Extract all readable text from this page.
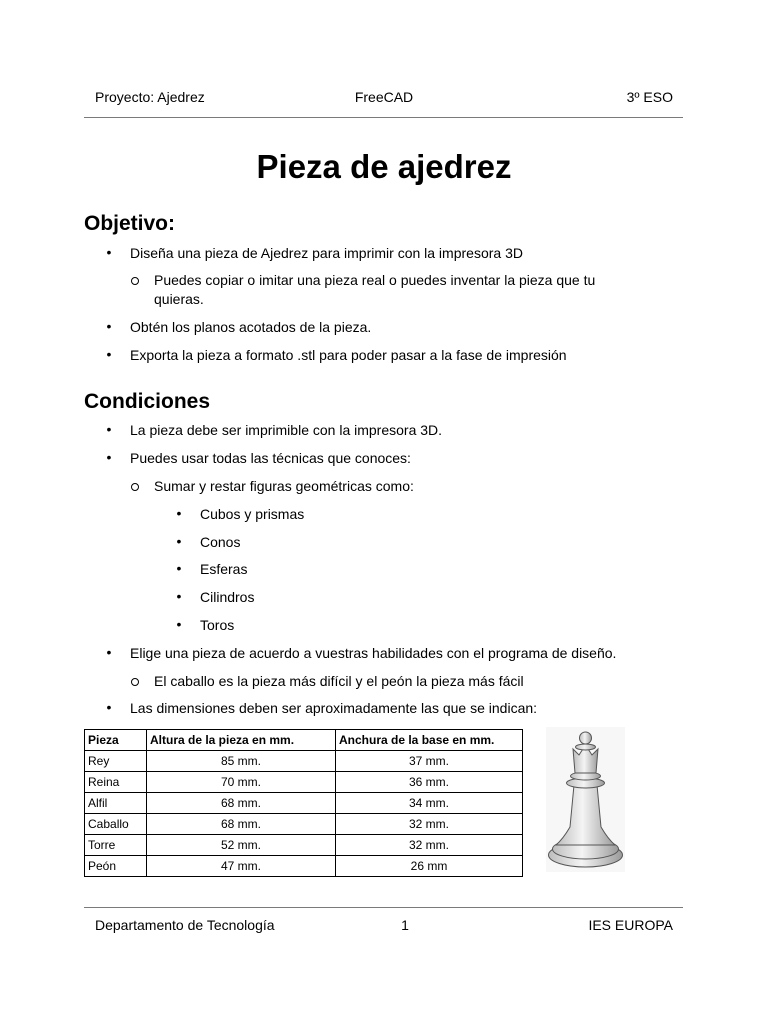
FreeCAD
Proyecto: Ajedrez	3º ESO
Pieza de ajedrez
Objetivo:
• Diseña una pieza de Ajedrez para imprimir con la impresora 3D
Puedes copiar o imitar una pieza real o puedes inventar la pieza que tu
quieras.
• Obtén los planos acotados de la pieza.
• Exporta la pieza a formato .stl para poder pasar a la fase de impresión
Condiciones
• La pieza debe ser imprimible con la impresora 3D.
• Puedes usar todas las técnicas que conoces:
Sumar y restar figuras geométricas como:
• Cubos y prismas
• Conos
• Esferas
• Cilindros
• Toros
• Elige una pieza de acuerdo a vuestras habilidades con el programa de diseño.
El caballo es la pieza más difícil y el peón la pieza más fácil
• Las dimensiones deben ser aproximadamente las que se indican:
Pieza	Altura de la pieza en mm.	Anchura de la base en mm.
Rey	85 mm.	37 mm.
Reina	70 mm.	36 mm.
Alfil	68 mm.	34 mm.
Caballo	68 mm.	32 mm.
Torre	52 mm.	32 mm.
Peón	47 mm.	26 mm
Departamento de Tecnología	1	IES EUROPA
